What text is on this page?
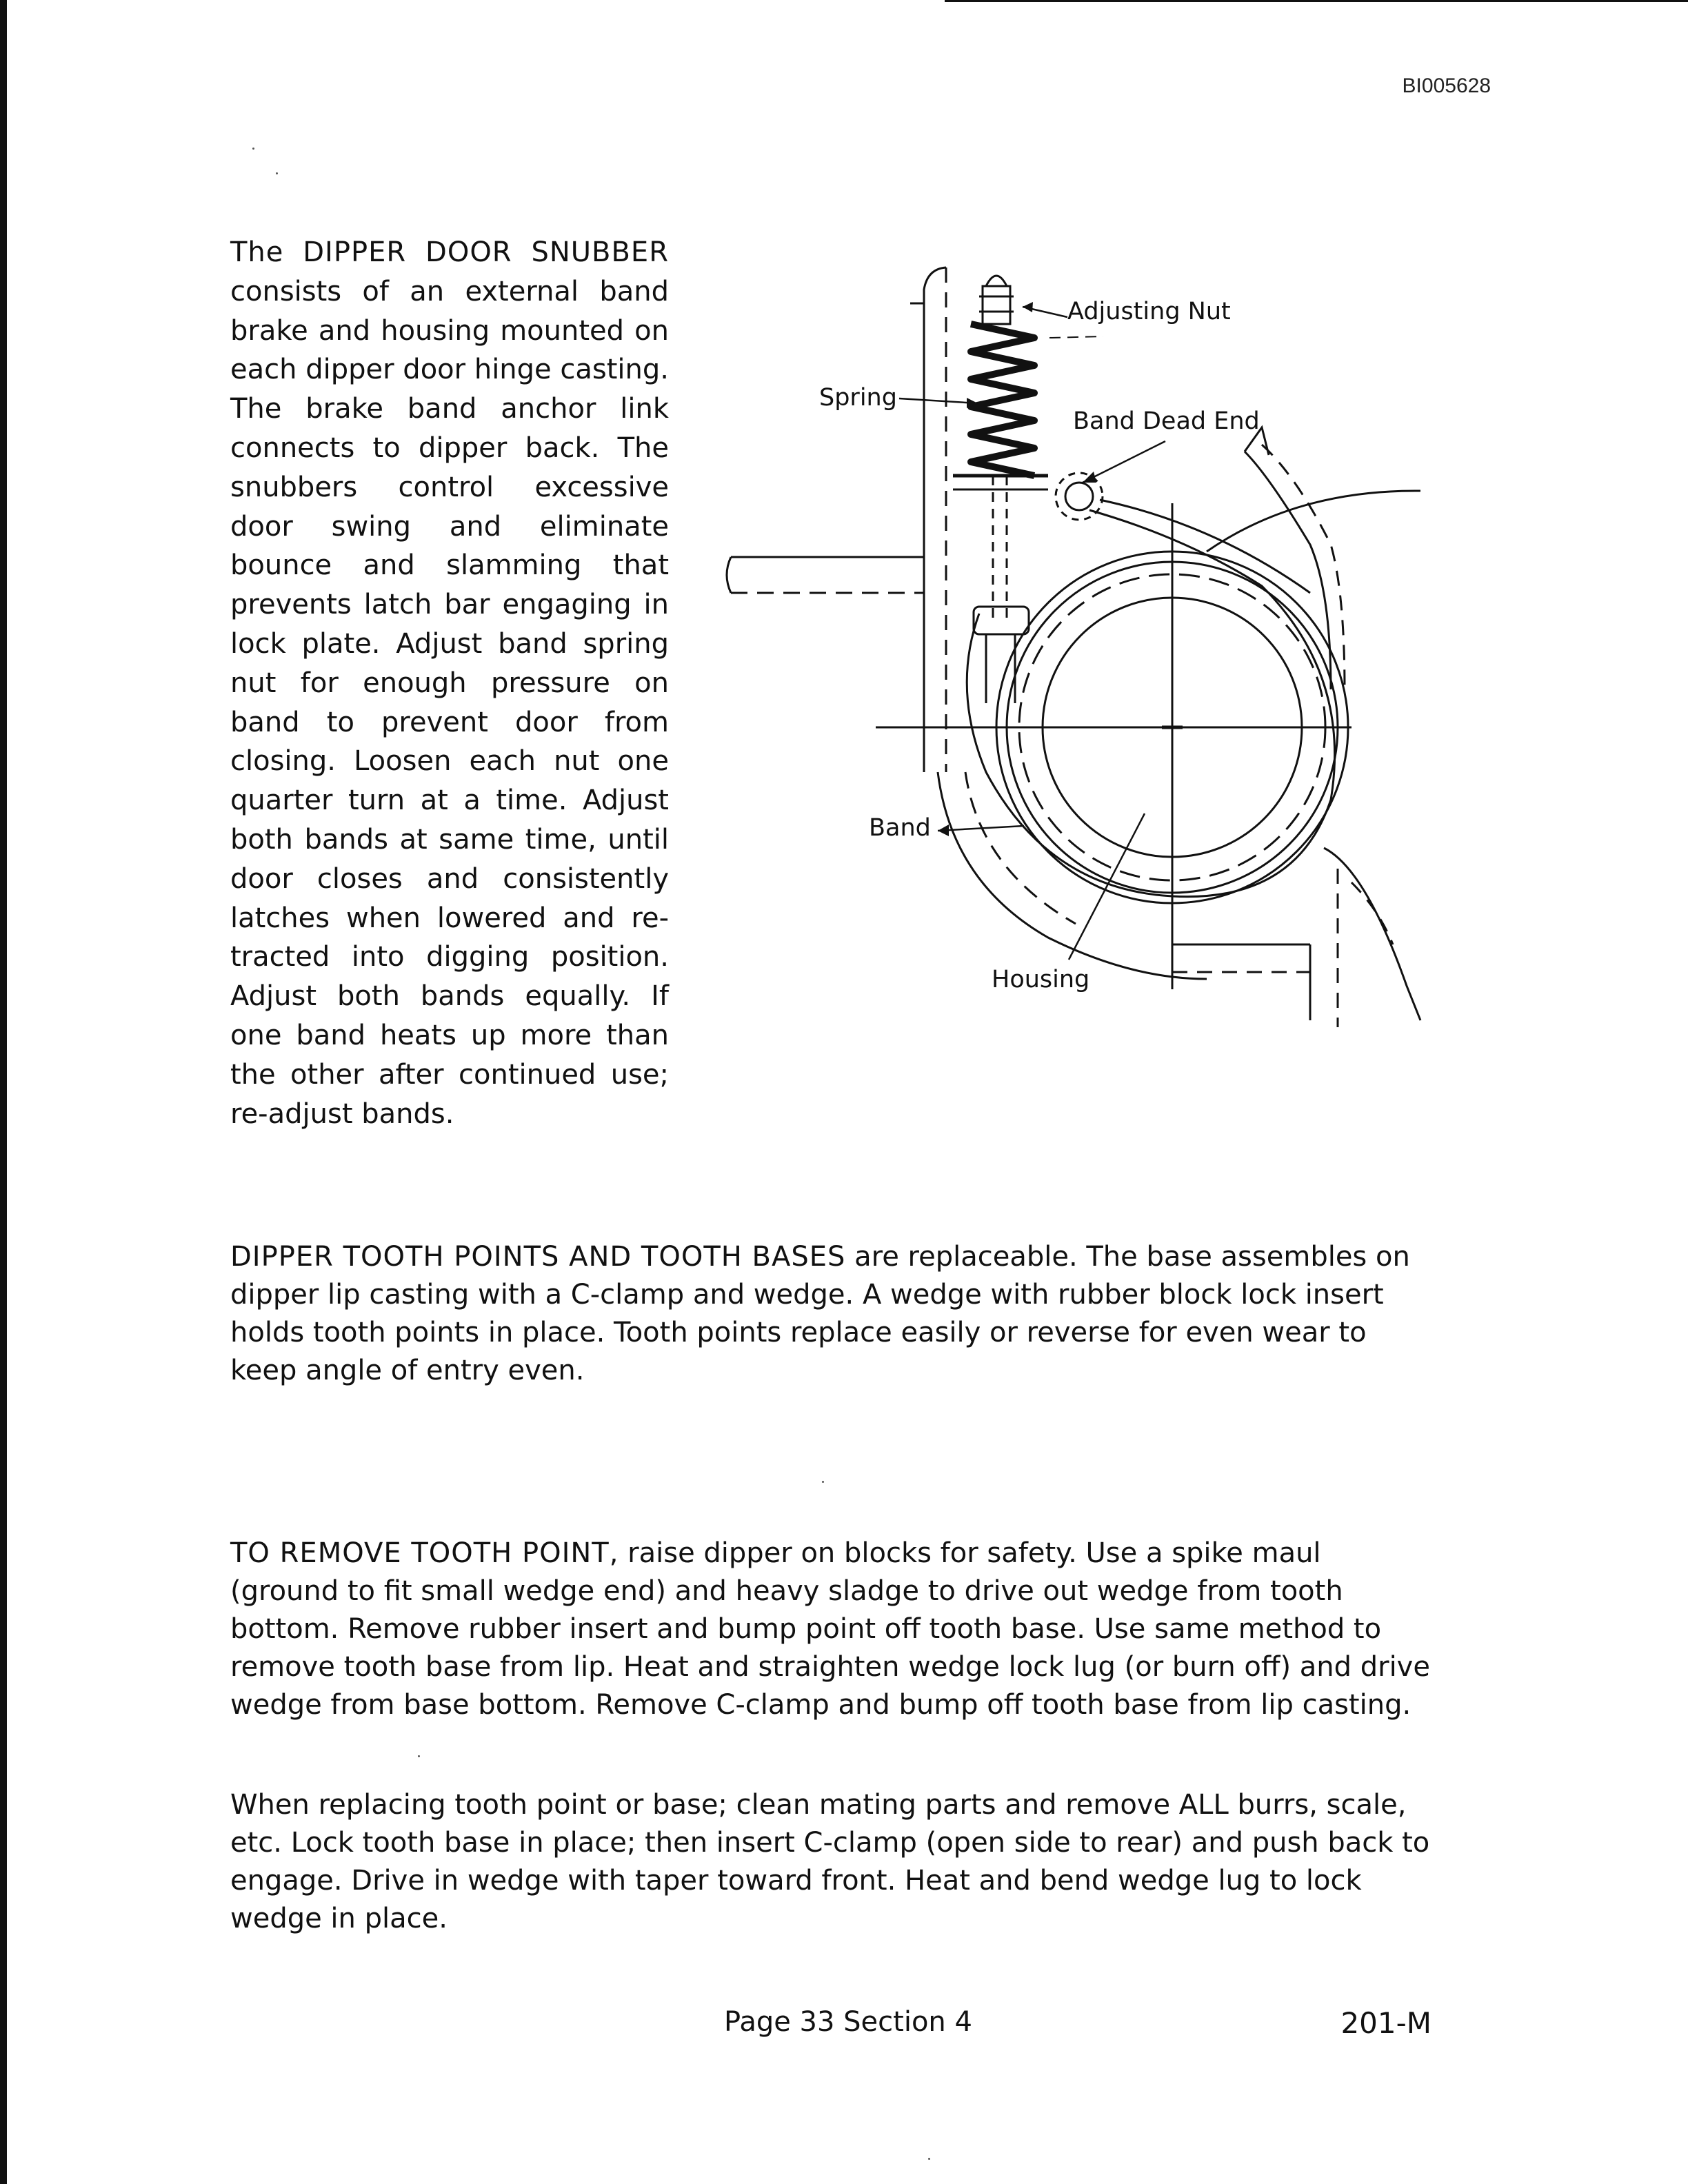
BI005628
The DIPPER DOOR SNUBBER consists of an external band brake and housing mounted on each dipper door hinge casting. The brake band anchor link connects to dipper back. The snubbers control excessive door swing and eliminate bounce and slamming that prevents latch bar engaging in lock plate. Adjust band spring nut for enough pressure on band to prevent door from closing. Loosen each nut one quarter turn at a time. Adjust both bands at same time, until door closes and consistently latches when lowered and re-tracted into digging position. Adjust both bands equally. If one band heats up more than the other after continued use; re-adjust bands.
Adjusting Nut
Spring
Band Dead End
Band
Housing
DIPPER TOOTH POINTS AND TOOTH BASES are replaceable. The base assembles on dipper lip casting with a C-clamp and wedge. A wedge with rubber block lock insert holds tooth points in place. Tooth points replace easily or reverse for even wear to keep angle of entry even.
TO REMOVE TOOTH POINT, raise dipper on blocks for safety. Use a spike maul (ground to fit small wedge end) and heavy sladge to drive out wedge from tooth bottom. Remove rubber insert and bump point off tooth base. Use same method to remove tooth base from lip. Heat and straighten wedge lock lug (or burn off) and drive wedge from base bottom. Remove C-clamp and bump off tooth base from lip casting.
When replacing tooth point or base; clean mating parts and remove ALL burrs, scale, etc. Lock tooth base in place; then insert C-clamp (open side to rear) and push back to engage. Drive in wedge with taper toward front. Heat and bend wedge lug to lock wedge in place.
Page 33 Section 4	201-M
